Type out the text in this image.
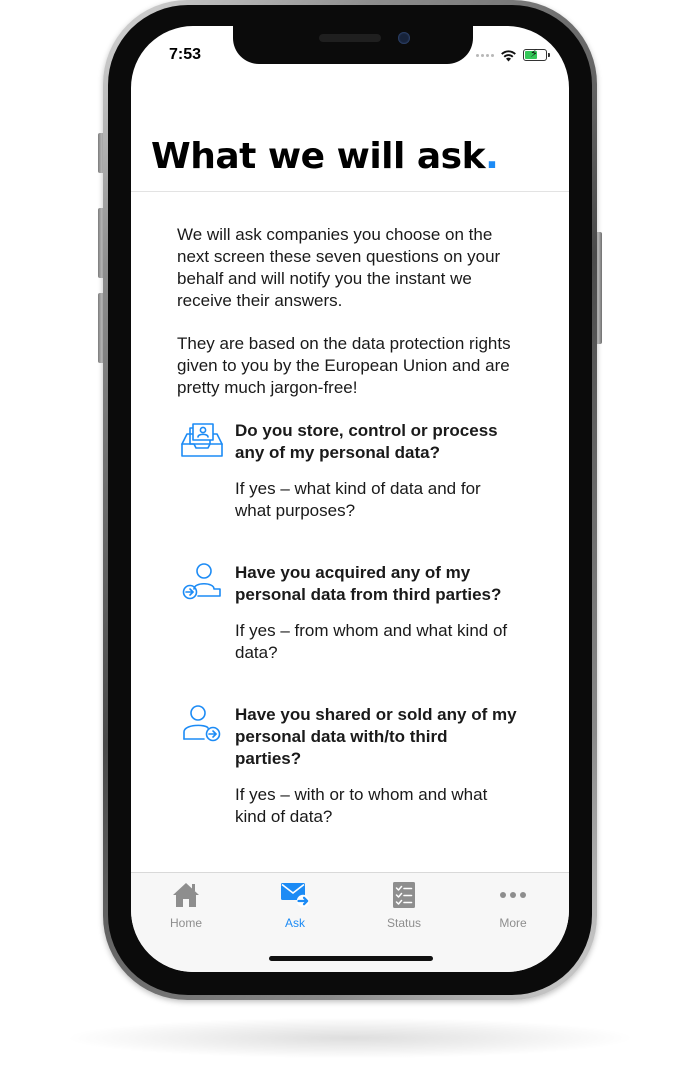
7:53	⚡
What we will ask.

We will ask companies you choose on the next screen these seven questions on your behalf and will notify you the instant we receive their answers.

They are based on the data protection rights given to you by the European Union and are pretty much jargon-free!

Do you store, control or process any of my personal data?

If yes – what kind of data and for what purposes?

Have you acquired any of my personal data from third parties?

If yes – from whom and what kind of data?

Have you shared or sold any of my personal data with/to third parties?

If yes – with or to whom and what kind of data?

Home	Ask	Status	More
